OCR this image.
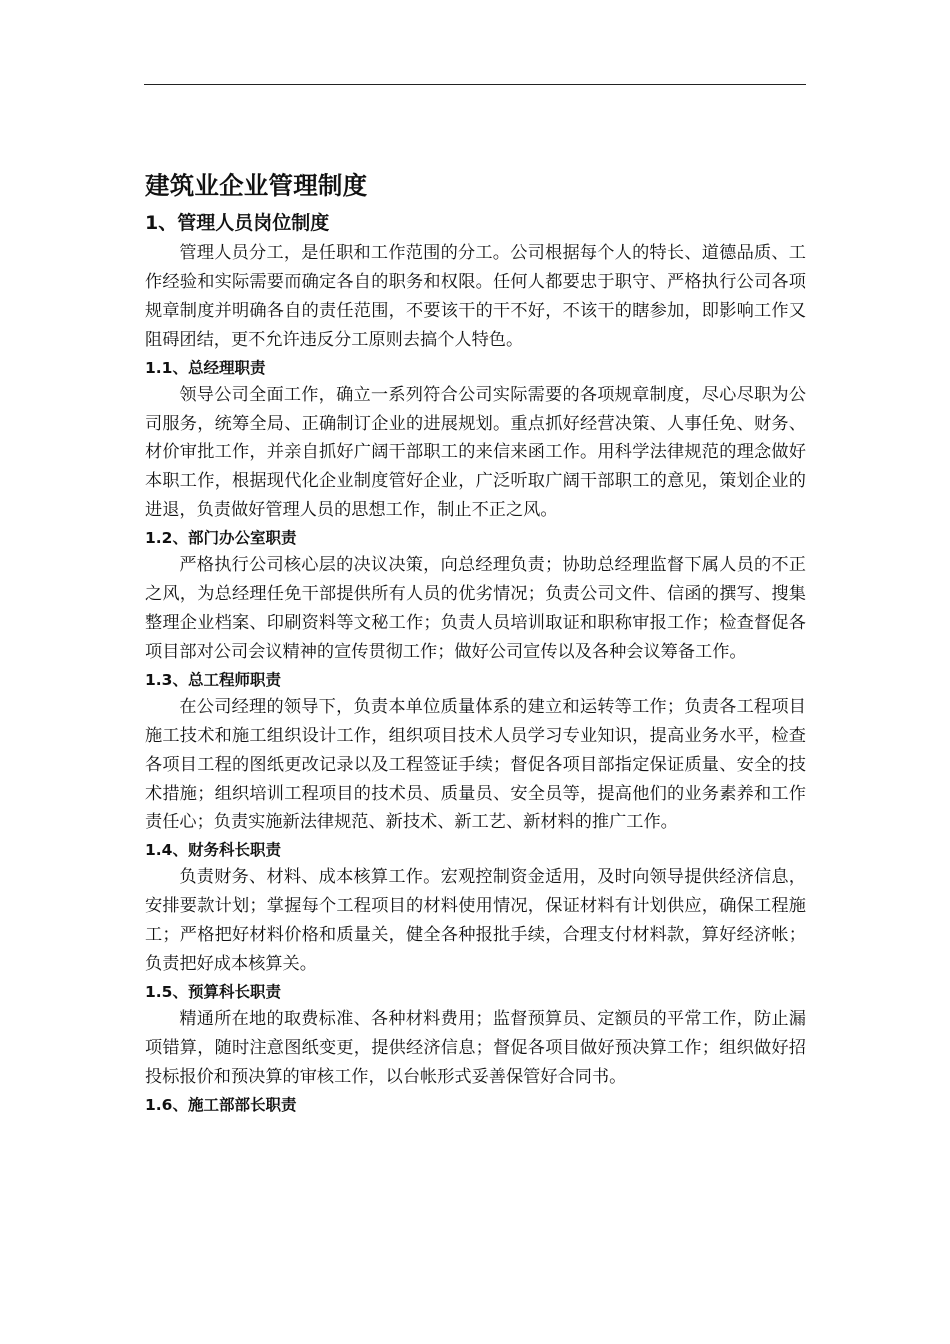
建筑业企业管理制度
1、管理人员岗位制度

管理人员分工，是任职和工作范围的分工。公司根据每个人的特长、道德品质、工作经验和实际需要而确定各自的职务和权限。任何人都要忠于职守、严格执行公司各项规章制度并明确各自的责任范围，不要该干的干不好，不该干的瞎参加，即影响工作又阻碍团结，更不允许违反分工原则去搞个人特色。

1.1、总经理职责

领导公司全面工作，确立一系列符合公司实际需要的各项规章制度，尽心尽职为公司服务，统筹全局、正确制订企业的进展规划。重点抓好经营决策、人事任免、财务、材价审批工作，并亲自抓好广阔干部职工的来信来函工作。用科学法律规范的理念做好本职工作，根据现代化企业制度管好企业，广泛听取广阔干部职工的意见，策划企业的进退，负责做好管理人员的思想工作，制止不正之风。

1.2、部门办公室职责

严格执行公司核心层的决议决策，向总经理负责；协助总经理监督下属人员的不正之风，为总经理任免干部提供所有人员的优劣情况；负责公司文件、信函的撰写、搜集整理企业档案、印刷资料等文秘工作；负责人员培训取证和职称审报工作；检查督促各项目部对公司会议精神的宣传贯彻工作；做好公司宣传以及各种会议筹备工作。

1.3、总工程师职责

在公司经理的领导下，负责本单位质量体系的建立和运转等工作；负责各工程项目施工技术和施工组织设计工作，组织项目技术人员学习专业知识，提高业务水平，检查各项目工程的图纸更改记录以及工程签证手续；督促各项目部指定保证质量、安全的技术措施；组织培训工程项目的技术员、质量员、安全员等，提高他们的业务素养和工作责任心；负责实施新法律规范、新技术、新工艺、新材料的推广工作。

1.4、财务科长职责

负责财务、材料、成本核算工作。宏观控制资金适用，及时向领导提供经济信息，安排要款计划；掌握每个工程项目的材料使用情况，保证材料有计划供应，确保工程施工；严格把好材料价格和质量关，健全各种报批手续，合理支付材料款，算好经济帐；负责把好成本核算关。

1.5、预算科长职责

精通所在地的取费标准、各种材料费用；监督预算员、定额员的平常工作，防止漏项错算，随时注意图纸变更，提供经济信息；督促各项目做好预决算工作；组织做好招投标报价和预决算的审核工作，以台帐形式妥善保管好合同书。

1.6、施工部部长职责
